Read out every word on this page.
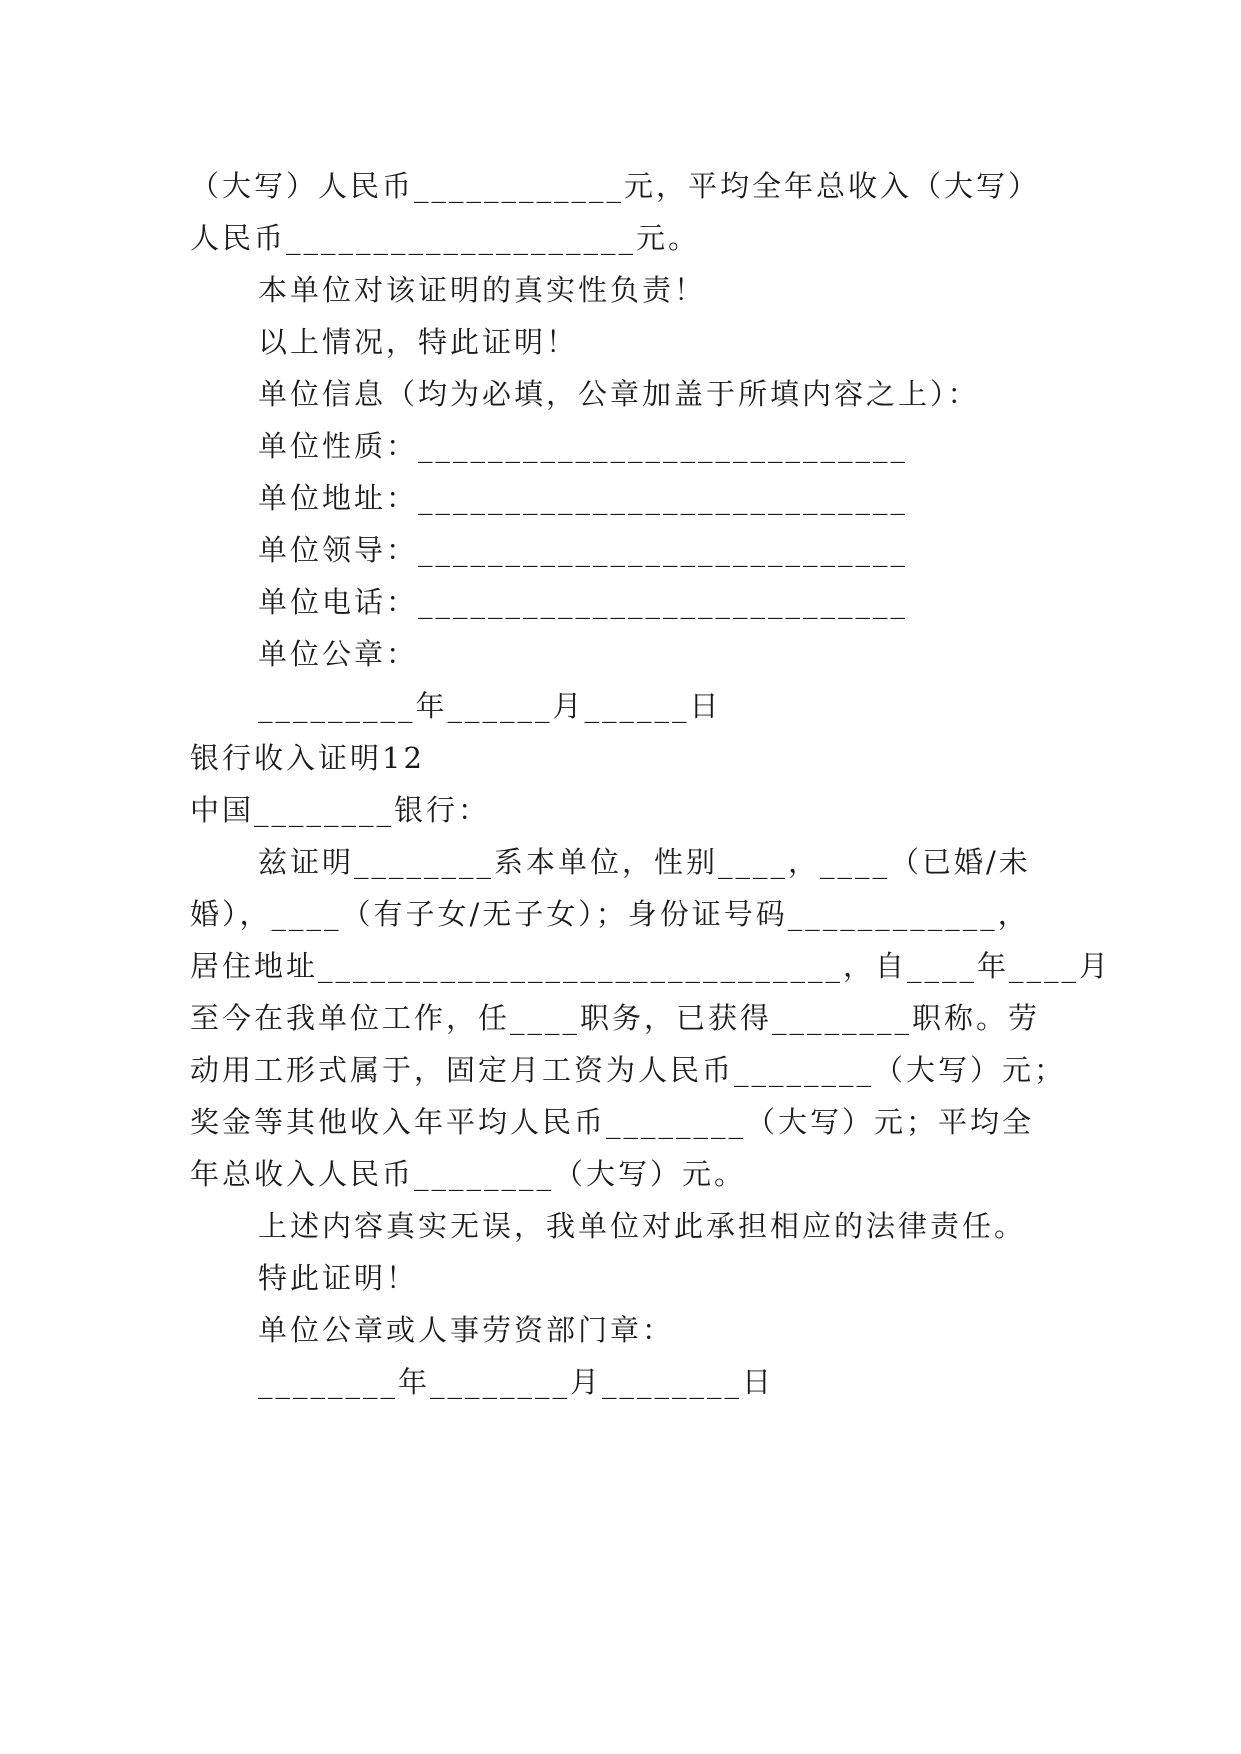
（大写）人民币____________元，平均全年总收入（大写）
人民币____________________元。
本单位对该证明的真实性负责！
以上情况，特此证明！
单位信息（均为必填，公章加盖于所填内容之上）：
单位性质：____________________________
单位地址：____________________________
单位领导：____________________________
单位电话：____________________________
单位公章：
_________年______月______日
银行收入证明12
中国________银行：
兹证明________系本单位，性别____，____（已婚/未
婚），____（有子女/无子女）；身份证号码____________，
居住地址______________________________，自____年____月
至今在我单位工作，任____职务，已获得________职称。劳
动用工形式属于，固定月工资为人民币________（大写）元；
奖金等其他收入年平均人民币________（大写）元；平均全
年总收入人民币________（大写）元。
上述内容真实无误，我单位对此承担相应的法律责任。
特此证明！
单位公章或人事劳资部门章：
________年________月________日
